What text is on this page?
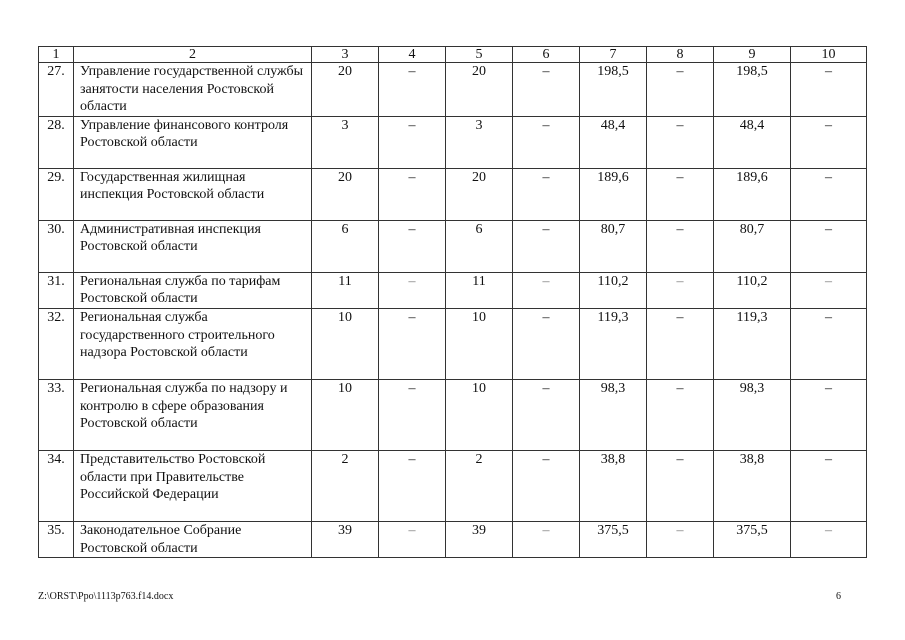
1	2	3	4	5	6	7	8	9	10
27.	Управление государственной службы занятости населения Ростовской области	20	–	20	–	198,5	–	198,5	–
28.	Управление финансового контроля Ростовской области	3	–	3	–	48,4	–	48,4	–
29.	Государственная жилищная инспекция Ростовской области	20	–	20	–	189,6	–	189,6	–
30.	Административная инспекция Ростовской области	6	–	6	–	80,7	–	80,7	–
31.	Региональная служба по тарифам Ростовской области	11	–	11	–	110,2	–	110,2	–
32.	Региональная служба государственного строительного надзора Ростовской области	10	–	10	–	119,3	–	119,3	–
33.	Региональная служба по надзору и контролю в сфере образования Ростовской области	10	–	10	–	98,3	–	98,3	–
34.	Представительство Ростовской области при Правительстве Российской Федерации	2	–	2	–	38,8	–	38,8	–
35.	Законодательное Собрание Ростовской области	39	–	39	–	375,5	–	375,5	–
Z:\ORST\Ppo\1113p763.f14.docx	6
